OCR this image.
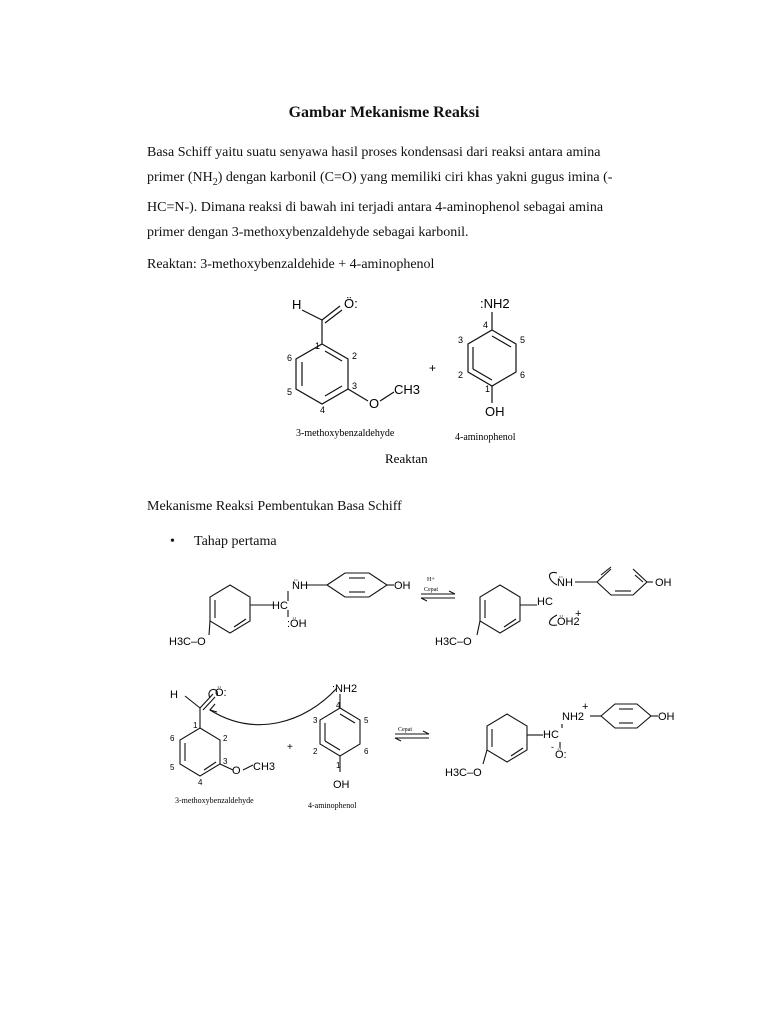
Gambar Mekanisme Reaksi
Basa Schiff yaitu suatu senyawa hasil proses kondensasi dari reaksi antara amina primer $(NH_2)$ dengan karbonil (C=O) yang memiliki ciri khas yakni gugus imina (-HC=N-). Dimana reaksi di bawah ini terjadi antara 4-aminophenol sebagai amina primer dengan 3-methoxybenzaldehyde sebagai karbonil.
Reaktan: 3-methoxybenzaldehide + 4-aminophenol
H	Ö:
O
CH3
1
2
3
4
5
6
+
:NH2
OH
1
2
3
4
5
6
3-methoxybenzaldehyde	4-aminophenol
Reaktan
Mekanisme Reaksi Pembentukan Basa Schiff
• Tahap pertama
N̈H	OH
HC
:ÖH
H3C–O
H+
Cepat
N̈H	OH
HC
ÖH2
+
H3C–O
H	Ö:
O CH3
1
2
3
4
5
6
+
:NH2
OH
1
2
3
4
5
6
3-methoxybenzaldehyde
4-aminophenol
Cepat
NH2
+
HC
Ö:
-
OH
H3C–O
